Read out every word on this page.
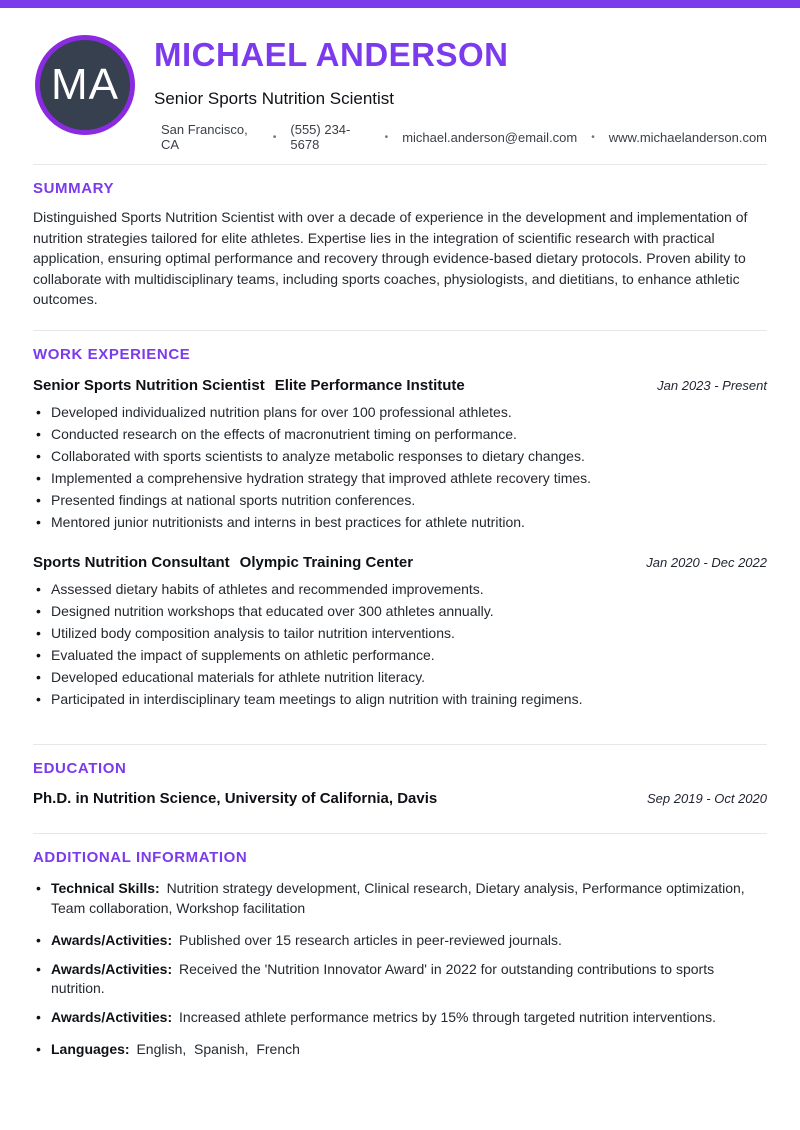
MA
MICHAEL ANDERSON
Senior Sports Nutrition Scientist
San Francisco, CA	• (555) 234-5678	• michael.anderson@email.com • www.michaelanderson.com
SUMMARY
Distinguished Sports Nutrition Scientist with over a decade of experience in the development and implementation of nutrition strategies tailored for elite athletes. Expertise lies in the integration of scientific research with practical application, ensuring optimal performance and recovery through evidence-based dietary protocols. Proven ability to collaborate with multidisciplinary teams, including sports coaches, physiologists, and dietitians, to enhance athletic outcomes.
WORK EXPERIENCE
Senior Sports Nutrition Scientist Elite Performance Institute	Jan 2023 - Present
• Developed individualized nutrition plans for over 100 professional athletes.
• Conducted research on the effects of macronutrient timing on performance.
• Collaborated with sports scientists to analyze metabolic responses to dietary changes.
• Implemented a comprehensive hydration strategy that improved athlete recovery times.
• Presented findings at national sports nutrition conferences.
• Mentored junior nutritionists and interns in best practices for athlete nutrition.
Sports Nutrition Consultant Olympic Training Center	Jan 2020 - Dec 2022
• Assessed dietary habits of athletes and recommended improvements.
• Designed nutrition workshops that educated over 300 athletes annually.
• Utilized body composition analysis to tailor nutrition interventions.
• Evaluated the impact of supplements on athletic performance.
• Developed educational materials for athlete nutrition literacy.
• Participated in interdisciplinary team meetings to align nutrition with training regimens.
EDUCATION
Ph.D. in Nutrition Science, University of California, Davis	Sep 2019 - Oct 2020
ADDITIONAL INFORMATION
• Technical Skills: Nutrition strategy development, Clinical research, Dietary analysis, Performance optimization, Team collaboration, Workshop facilitation
• Awards/Activities: Published over 15 research articles in peer-reviewed journals.
• Awards/Activities: Received the 'Nutrition Innovator Award' in 2022 for outstanding contributions to sports nutrition.
• Awards/Activities: Increased athlete performance metrics by 15% through targeted nutrition interventions.
• Languages: English,  Spanish,  French
